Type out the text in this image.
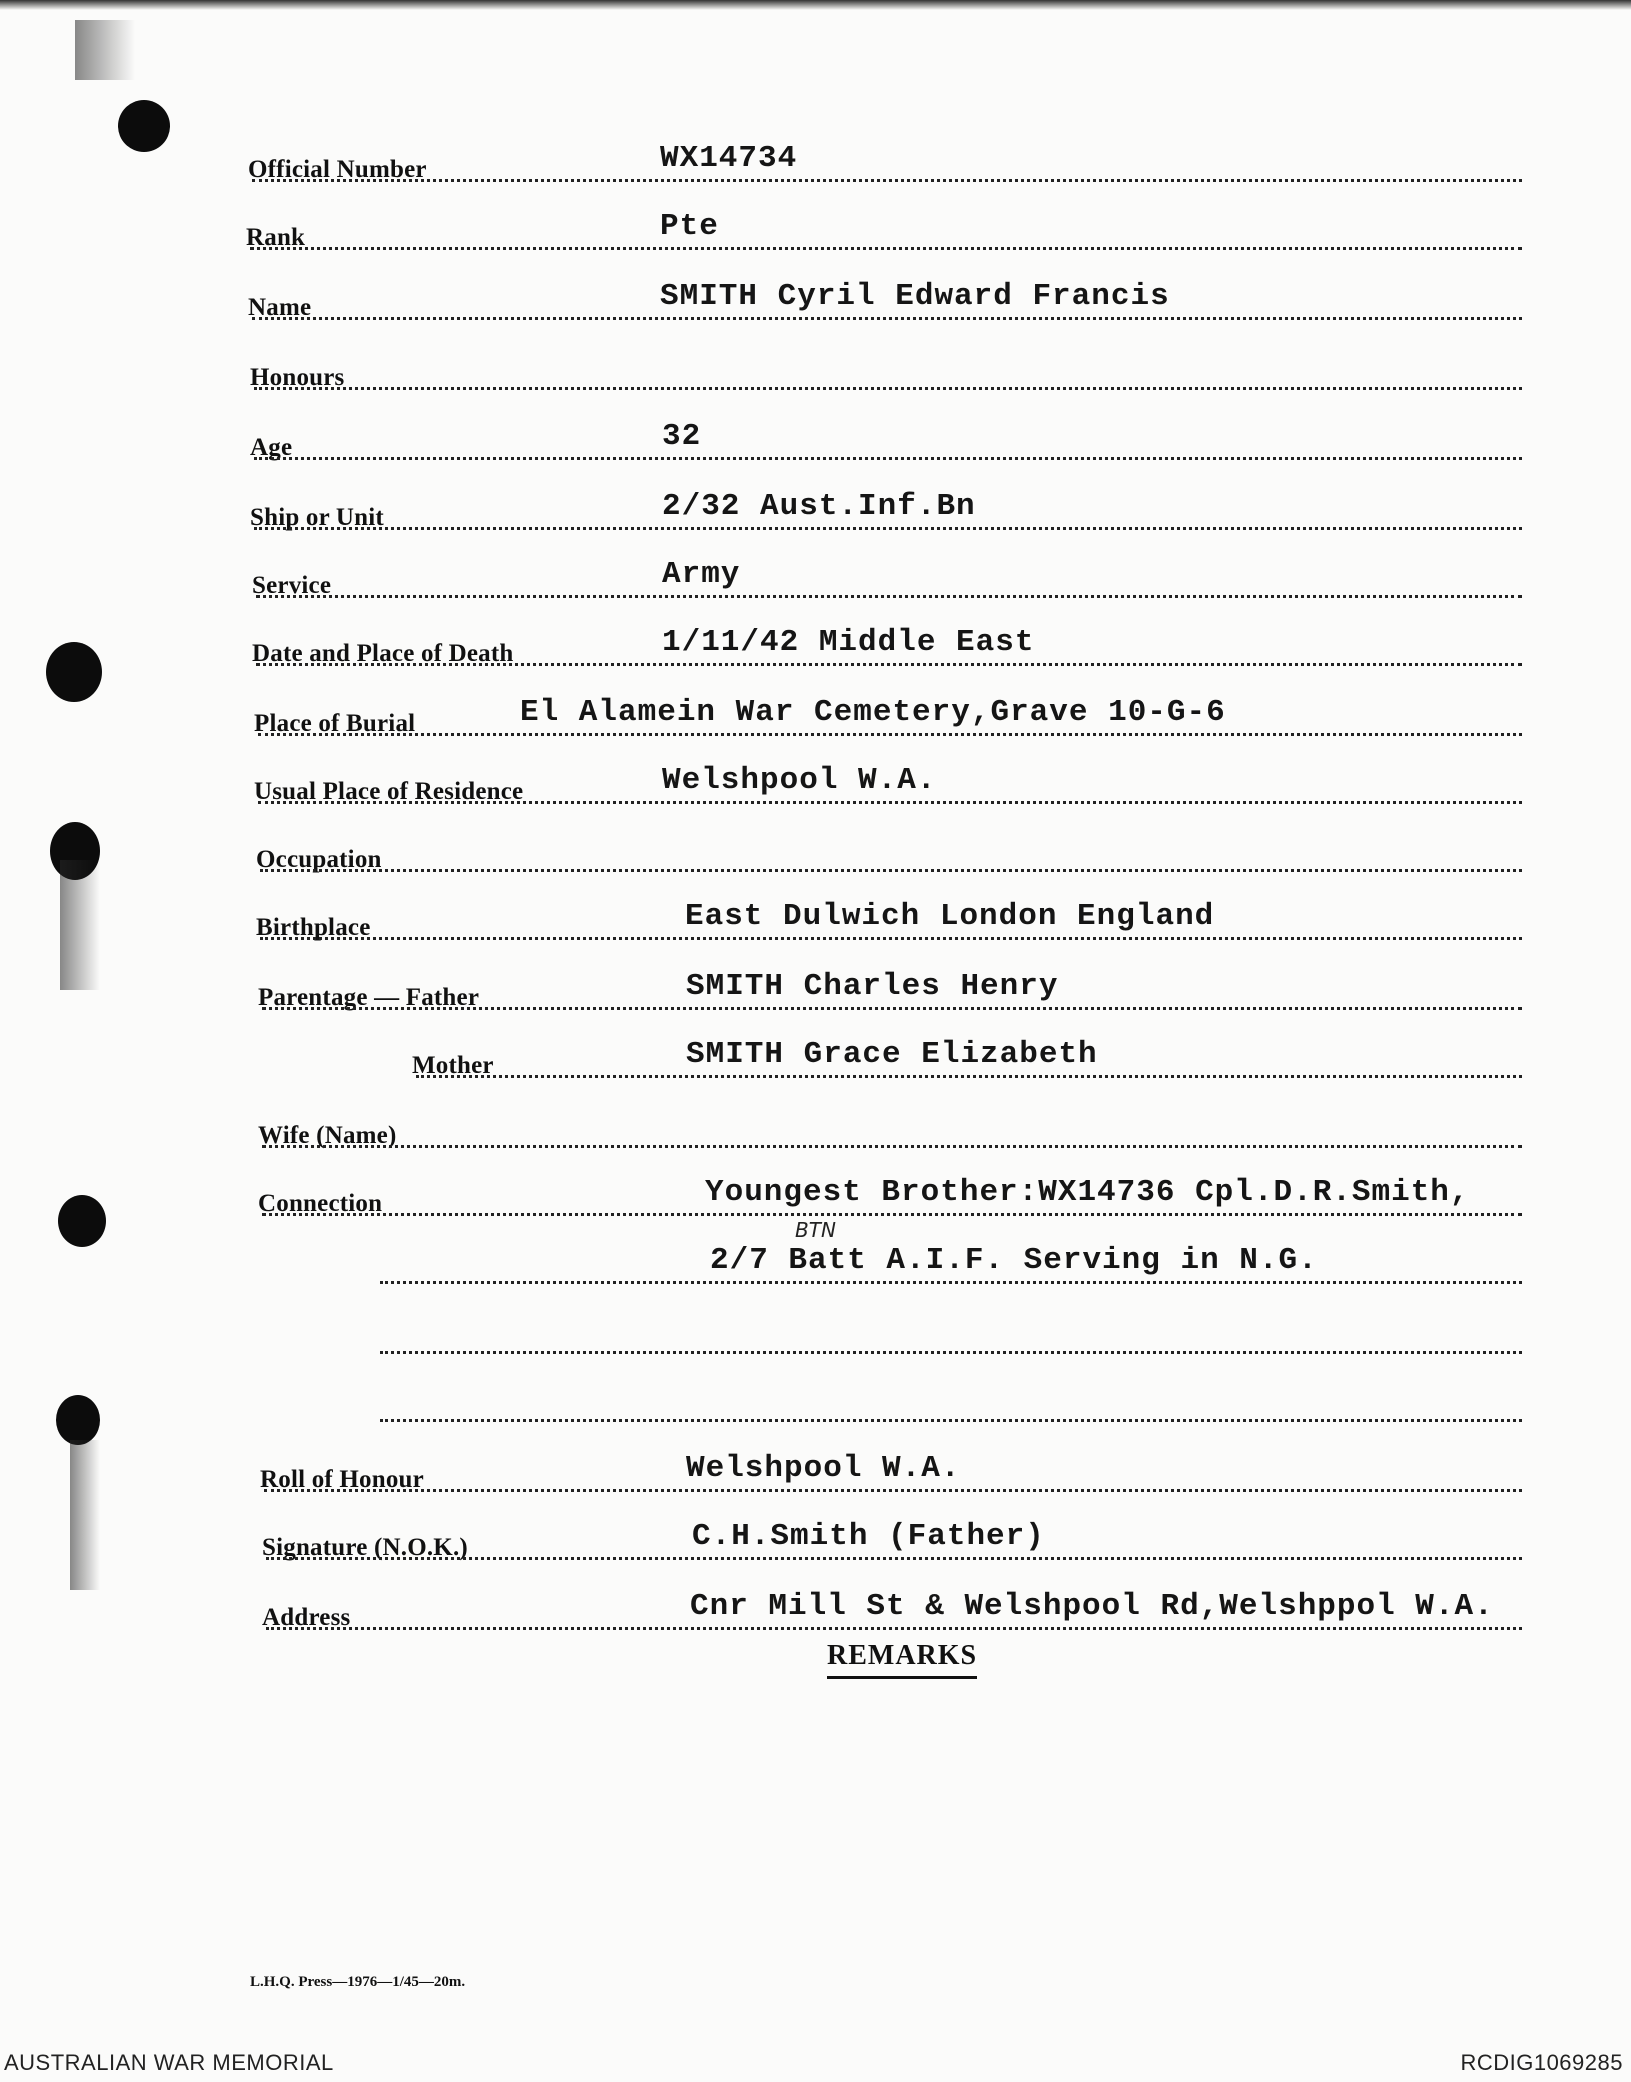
Official Number	WX14734
Rank	Pte
Name	SMITH Cyril Edward Francis
Honours
Age	32
Ship or Unit	2/32 Aust.Inf.Bn
Service	Army
Date and Place of Death	1/11/42 Middle East
Place of Burial	El Alamein War Cemetery,Grave 10-G-6
Usual Place of Residence	Welshpool W.A.
Occupation
Birthplace	East Dulwich London England
Parentage — Father	SMITH Charles Henry
Mother	SMITH Grace Elizabeth
Wife (Name)
Connection	Youngest Brother:WX14736 Cpl.D.R.Smith,
2/7 Batt A.I.F. Serving in N.G.
Roll of Honour	Welshpool W.A.
Signature (N.O.K.)	C.H.Smith (Father)
Address	Cnr Mill St & Welshpool Rd,Welshppol W.A.
BTN
REMARKS
L.H.Q. Press—1976—1/45—20m.
AUSTRALIAN WAR MEMORIAL	RCDIG1069285
